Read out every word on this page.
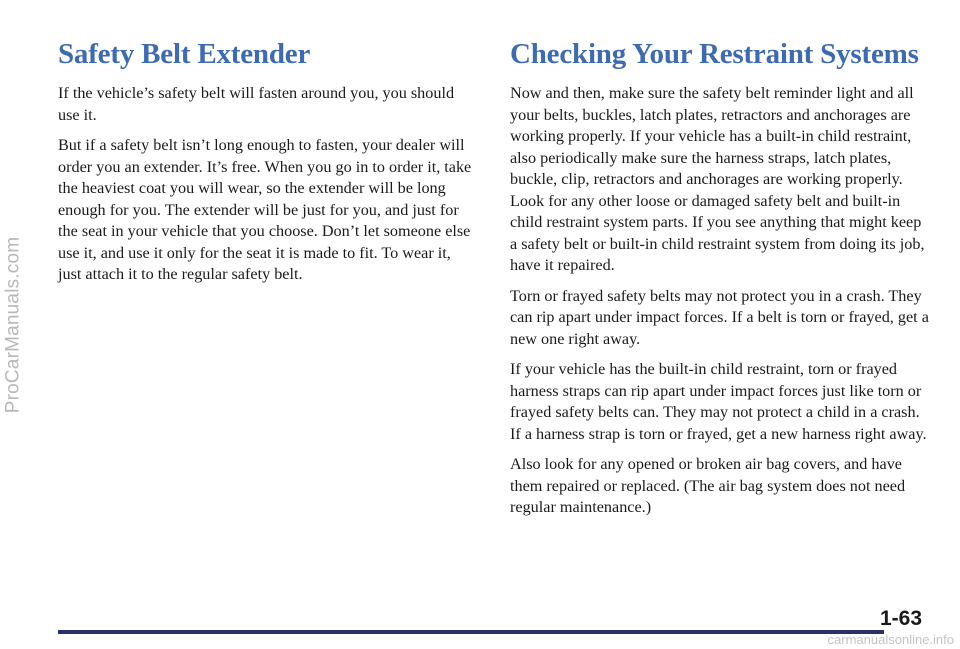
ProCarManuals.com
Safety Belt Extender

If the vehicle’s safety belt will fasten around you, you should use it.

But if a safety belt isn’t long enough to fasten, your dealer will order you an extender. It’s free. When you go in to order it, take the heaviest coat you will wear, so the extender will be long enough for you. The extender will be just for you, and just for the seat in your vehicle that you choose. Don’t let someone else use it, and use it only for the seat it is made to fit. To wear it, just attach it to the regular safety belt.

Checking Your Restraint Systems

Now and then, make sure the safety belt reminder light and all your belts, buckles, latch plates, retractors and anchorages are working properly. If your vehicle has a built-in child restraint, also periodically make sure the harness straps, latch plates, buckle, clip, retractors and anchorages are working properly. Look for any other loose or damaged safety belt and built-in child restraint system parts. If you see anything that might keep a safety belt or built-in child restraint system from doing its job, have it repaired.

Torn or frayed safety belts may not protect you in a crash. They can rip apart under impact forces. If a belt is torn or frayed, get a new one right away.

If your vehicle has the built-in child restraint, torn or frayed harness straps can rip apart under impact forces just like torn or frayed safety belts can. They may not protect a child in a crash. If a harness strap is torn or frayed, get a new harness right away.

Also look for any opened or broken air bag covers, and have them repaired or replaced. (The air bag system does not need regular maintenance.)

1-63
carmanualsonline.info
